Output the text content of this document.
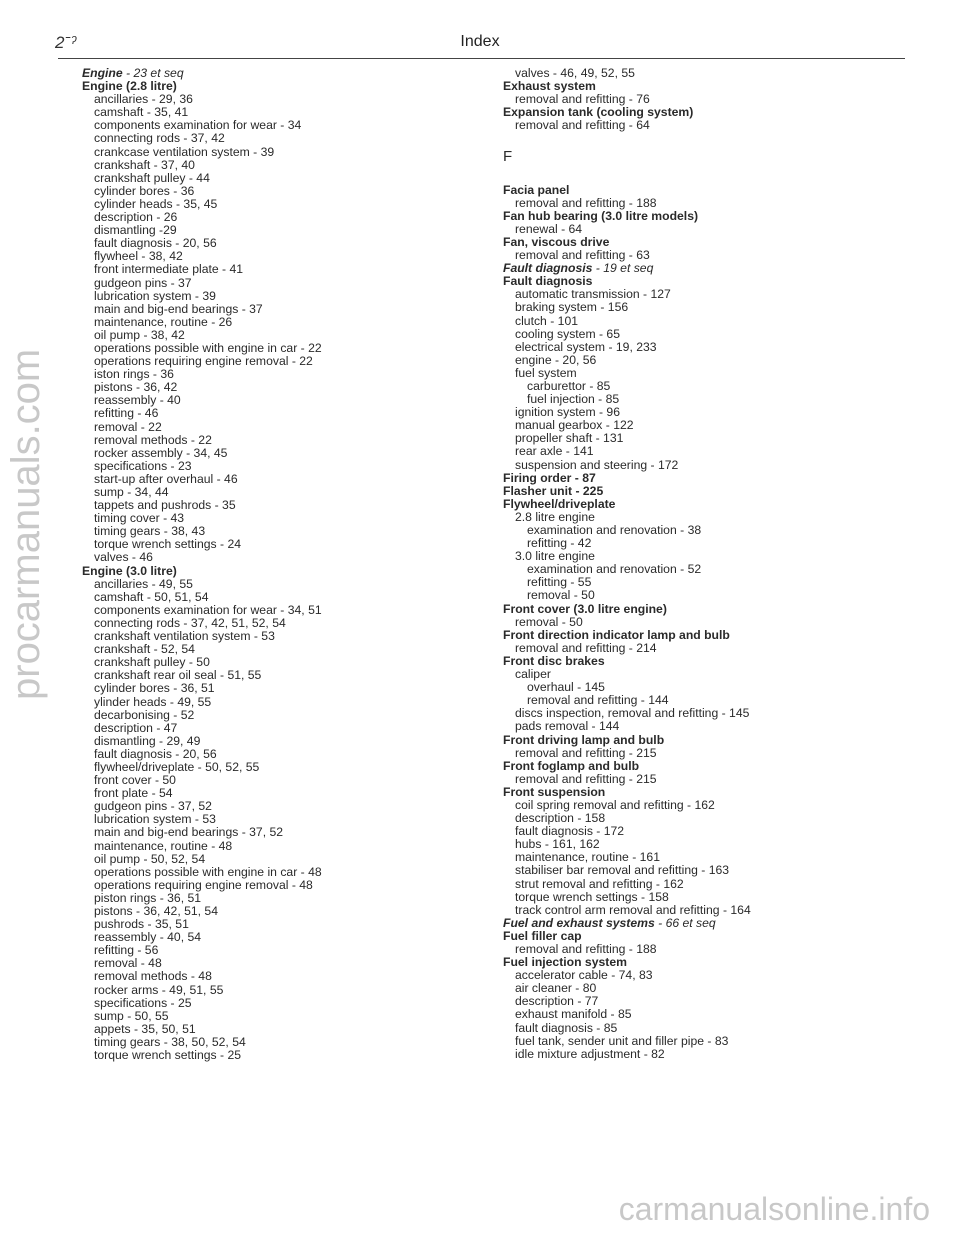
2ˉˀ	Index
Engine - 23 et seq
Engine (2.8 litre)
ancillaries - 29, 36
camshaft - 35, 41
components examination for wear - 34
connecting rods - 37, 42
crankcase ventilation system - 39
crankshaft - 37, 40
crankshaft pulley - 44
cylinder bores - 36
cylinder heads - 35, 45
description - 26
dismantling -29
fault diagnosis - 20, 56
flywheel - 38, 42
front intermediate plate - 41
gudgeon pins - 37
lubrication system - 39
main and big-end bearings - 37
maintenance, routine - 26
oil pump - 38, 42
operations possible with engine in car - 22
operations requiring engine removal - 22
iston rings - 36
pistons - 36, 42
reassembly - 40
refitting - 46
removal - 22
removal methods - 22
rocker assembly - 34, 45
specifications - 23
start-up after overhaul - 46
sump - 34, 44
tappets and pushrods - 35
timing cover - 43
timing gears - 38, 43
torque wrench settings - 24
valves - 46
Engine (3.0 litre)
ancillaries - 49, 55
camshaft - 50, 51, 54
components examination for wear - 34, 51
connecting rods - 37, 42, 51, 52, 54
crankshaft ventilation system - 53
crankshaft - 52, 54
crankshaft pulley - 50
crankshaft rear oil seal - 51, 55
cylinder bores - 36, 51
ylinder heads - 49, 55
decarbonising - 52
description - 47
dismantling - 29, 49
fault diagnosis - 20, 56
flywheel/driveplate - 50, 52, 55
front cover - 50
front plate - 54
gudgeon pins - 37, 52
lubrication system - 53
main and big-end bearings - 37, 52
maintenance, routine - 48
oil pump - 50, 52, 54
operations possible with engine in car - 48
operations requiring engine removal - 48
piston rings - 36, 51
pistons - 36, 42, 51, 54
pushrods - 35, 51
reassembly - 40, 54
refitting - 56
removal - 48
removal methods - 48
rocker arms - 49, 51, 55
specifications - 25
sump - 50, 55
appets - 35, 50, 51
timing gears - 38, 50, 52, 54
torque wrench settings - 25
valves - 46, 49, 52, 55
Exhaust system
removal and refitting - 76
Expansion tank (cooling system)
removal and refitting - 64
F
Facia panel
removal and refitting - 188
Fan hub bearing (3.0 litre models)
renewal - 64
Fan, viscous drive
removal and refitting - 63
Fault diagnosis - 19 et seq
Fault diagnosis
automatic transmission - 127
braking system - 156
clutch - 101
cooling system - 65
electrical system - 19, 233
engine - 20, 56
fuel system
carburettor - 85
fuel injection - 85
ignition system - 96
manual gearbox - 122
propeller shaft - 131
rear axle - 141
suspension and steering - 172
Firing order - 87
Flasher unit - 225
Flywheel/driveplate
2.8 litre engine
examination and renovation - 38
refitting - 42
3.0 litre engine
examination and renovation - 52
refitting - 55
removal - 50
Front cover (3.0 litre engine)
removal - 50
Front direction indicator lamp and bulb
removal and refitting - 214
Front disc brakes
caliper
overhaul - 145
removal and refitting - 144
discs inspection, removal and refitting - 145
pads removal - 144
Front driving lamp and bulb
removal and refitting - 215
Front foglamp and bulb
removal and refitting - 215
Front suspension
coil spring removal and refitting - 162
description - 158
fault diagnosis - 172
hubs - 161, 162
maintenance, routine - 161
stabiliser bar removal and refitting - 163
strut removal and refitting - 162
torque wrench settings - 158
track control arm removal and refitting - 164
Fuel and exhaust systems - 66 et seq
Fuel filler cap
removal and refitting - 188
Fuel injection system
accelerator cable - 74, 83
air cleaner - 80
description - 77
exhaust manifold - 85
fault diagnosis - 85
fuel tank, sender unit and filler pipe - 83
idle mixture adjustment - 82
procarmanuals.com
carmanualsonline.info
